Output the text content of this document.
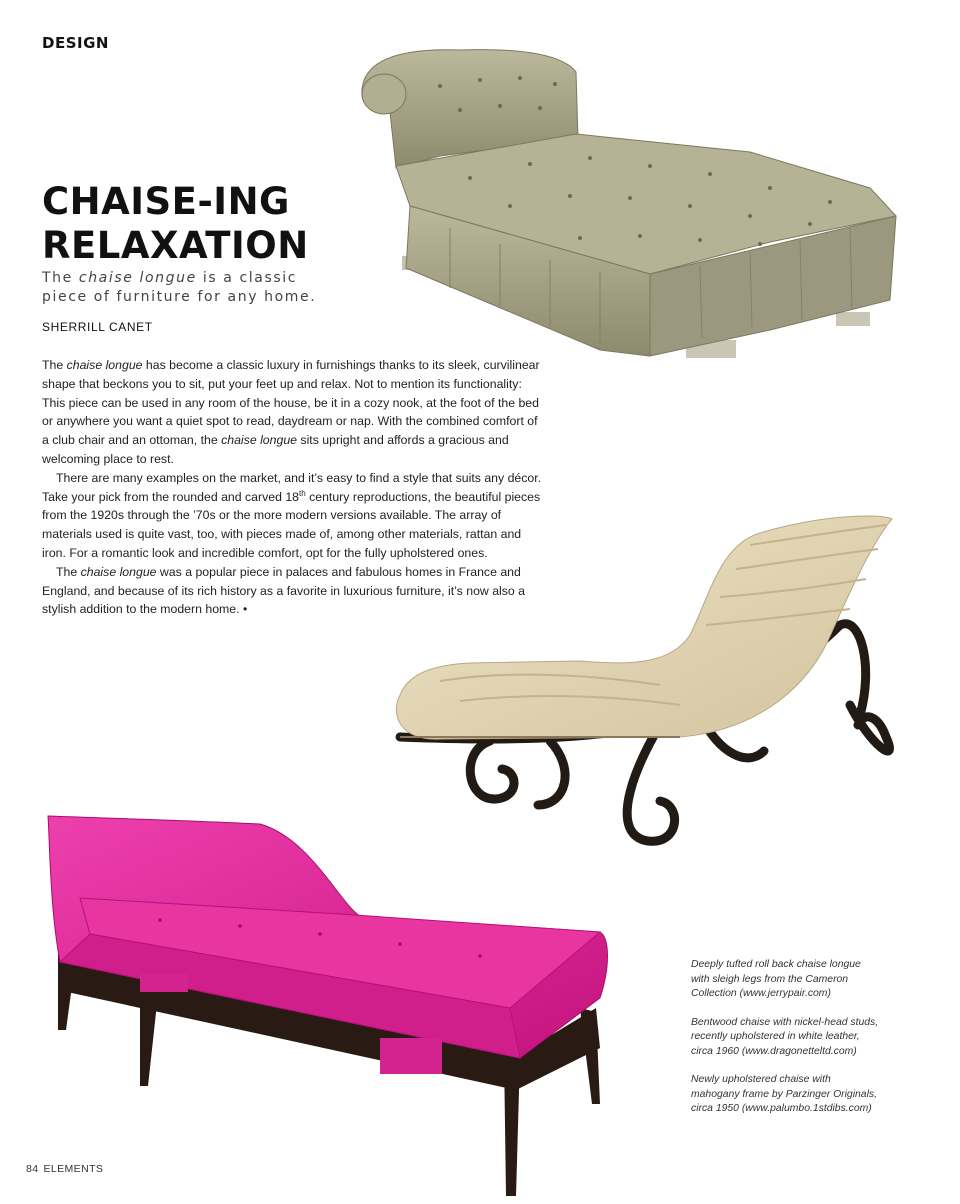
DESIGN
CHAISE-ING
RELAXATION
The chaise longue is a classic piece of furniture for any home.
SHERRILL CANET

The chaise longue has become a classic luxury in furnishings thanks to its sleek, curvilinear shape that beckons you to sit, put your feet up and relax. Not to mention its functionality: This piece can be used in any room of the house, be it in a cozy nook, at the foot of the bed or anywhere you want a quiet spot to read, daydream or nap. With the combined comfort of a club chair and an ottoman, the chaise longue sits upright and affords a gracious and welcoming place to rest.

There are many examples on the market, and it’s easy to find a style that suits any décor. Take your pick from the rounded and carved 18th century reproductions, the beautiful pieces from the 1920s through the ’70s or the more modern versions available. The array of materials used is quite vast, too, with pieces made of, among other materials, rattan and iron. For a romantic look and incredible comfort, opt for the fully upholstered ones.

The chaise longue was a popular piece in palaces and fabulous homes in France and England, and because of its rich history as a favorite in luxurious furniture, it’s now also a stylish addition to the modern home. •

Deeply tufted roll back chaise longue with sleigh legs from the Cameron Collection (www.jerrypair.com)

Bentwood chaise with nickel-head studs, recently upholstered in white leather, circa 1960 (www.dragonetteltd.com)

Newly upholstered chaise with mahogany frame by Parzinger Originals, circa 1950 (www.palumbo.1stdibs.com)

84 ELEMENTS
